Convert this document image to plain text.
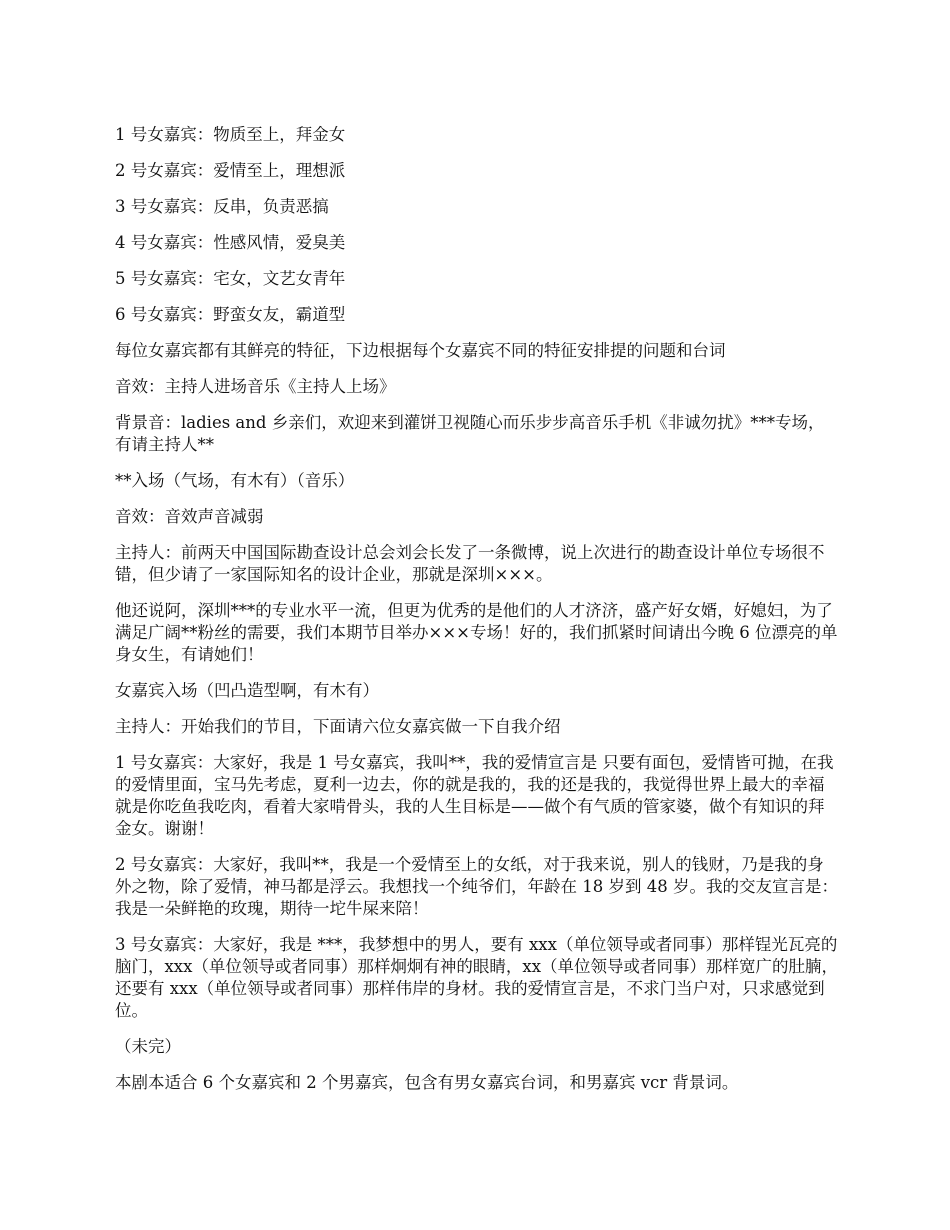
1 号女嘉宾：物质至上，拜金女

2 号女嘉宾：爱情至上，理想派

3 号女嘉宾：反串，负责恶搞

4 号女嘉宾：性感风情，爱臭美

5 号女嘉宾：宅女，文艺女青年

6 号女嘉宾：野蛮女友，霸道型

每位女嘉宾都有其鲜亮的特征，下边根据每个女嘉宾不同的特征安排提的问题和台词

音效：主持人进场音乐《主持人上场》

背景音：ladies and 乡亲们，欢迎来到灌饼卫视随心而乐步步高音乐手机《非诚勿扰》***专场，有请主持人**

**入场（气场，有木有）（音乐）

音效：音效声音减弱

主持人：前两天中国国际勘查设计总会刘会长发了一条微博，说上次进行的勘查设计单位专场很不错，但少请了一家国际知名的设计企业，那就是深圳×××。

他还说阿，深圳***的专业水平一流，但更为优秀的是他们的人才济济，盛产好女婿，好媳妇，为了满足广阔**粉丝的需要，我们本期节目举办×××专场！好的，我们抓紧时间请出今晚 6 位漂亮的单身女生，有请她们！

女嘉宾入场（凹凸造型啊，有木有）

主持人：开始我们的节目，下面请六位女嘉宾做一下自我介绍

1 号女嘉宾：大家好，我是 1 号女嘉宾，我叫**，我的爱情宣言是 只要有面包，爱情皆可抛，在我的爱情里面，宝马先考虑，夏利一边去，你的就是我的，我的还是我的，我觉得世界上最大的幸福就是你吃鱼我吃肉，看着大家啃骨头，我的人生目标是——做个有气质的管家婆，做个有知识的拜金女。谢谢！

2 号女嘉宾：大家好，我叫**，我是一个爱情至上的女纸，对于我来说，别人的钱财，乃是我的身外之物，除了爱情，神马都是浮云。我想找一个纯爷们，年龄在 18 岁到 48 岁。我的交友宣言是：我是一朵鲜艳的玫瑰，期待一坨牛屎来陪！

3 号女嘉宾：大家好，我是 ***，我梦想中的男人，要有 xxx（单位领导或者同事）那样锃光瓦亮的脑门，xxx（单位领导或者同事）那样炯炯有神的眼睛，xx（单位领导或者同事）那样宽广的肚腩，还要有 xxx（单位领导或者同事）那样伟岸的身材。我的爱情宣言是，不求门当户对，只求感觉到位。

（未完）

本剧本适合 6 个女嘉宾和 2 个男嘉宾，包含有男女嘉宾台词，和男嘉宾 vcr 背景词。
